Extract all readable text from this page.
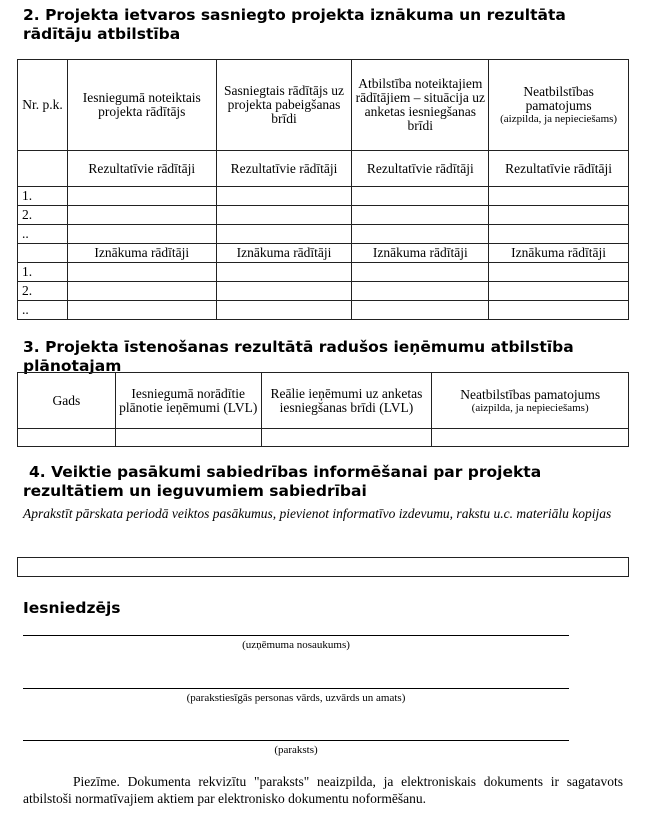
2. Projekta ietvaros sasniegto projekta iznākuma un rezultāta rādītāju atbilstība
Nr. p.k.	Iesniegumā noteiktais projekta rādītājs	Sasniegtais rādītājs uz projekta pabeigšanas brīdi	Atbilstība noteiktajiem rādītājiem – situācija uz anketas iesniegšanas brīdi	Neatbilstības pamatojums
(aizpilda, ja nepieciešams)

	Rezultatīvie rādītāji	Rezultatīvie rādītāji	Rezultatīvie rādītāji	Rezultatīvie rādītāji
1.				
2.				
..				
	Iznākuma rādītāji	Iznākuma rādītāji	Iznākuma rādītāji	Iznākuma rādītāji
1.				
2.				
..				
3. Projekta īstenošanas rezultātā radušos ieņēmumu atbilstība plānotajam
Gads	Iesniegumā norādītie plānotie ieņēmumi (LVL)	Reālie ieņēmumi uz anketas iesniegšanas brīdi (LVL)	Neatbilstības pamatojums
(aizpilda, ja nepieciešams)

4. Veiktie pasākumi sabiedrības informēšanai par projekta rezultātiem un ieguvumiem sabiedrībai
Aprakstīt pārskata periodā veiktos pasākumus, pievienot informatīvo izdevumu, rakstu u.c. materiālu kopijas
Iesniedzējs
(uzņēmuma nosaukums)
(parakstiesīgās personas vārds, uzvārds un amats)
(paraksts)
Piezīme. Dokumenta rekvizītu "paraksts" neaizpilda, ja elektroniskais dokuments ir sagatavots atbilstoši normatīvajiem aktiem par elektronisko dokumentu noformēšanu.
